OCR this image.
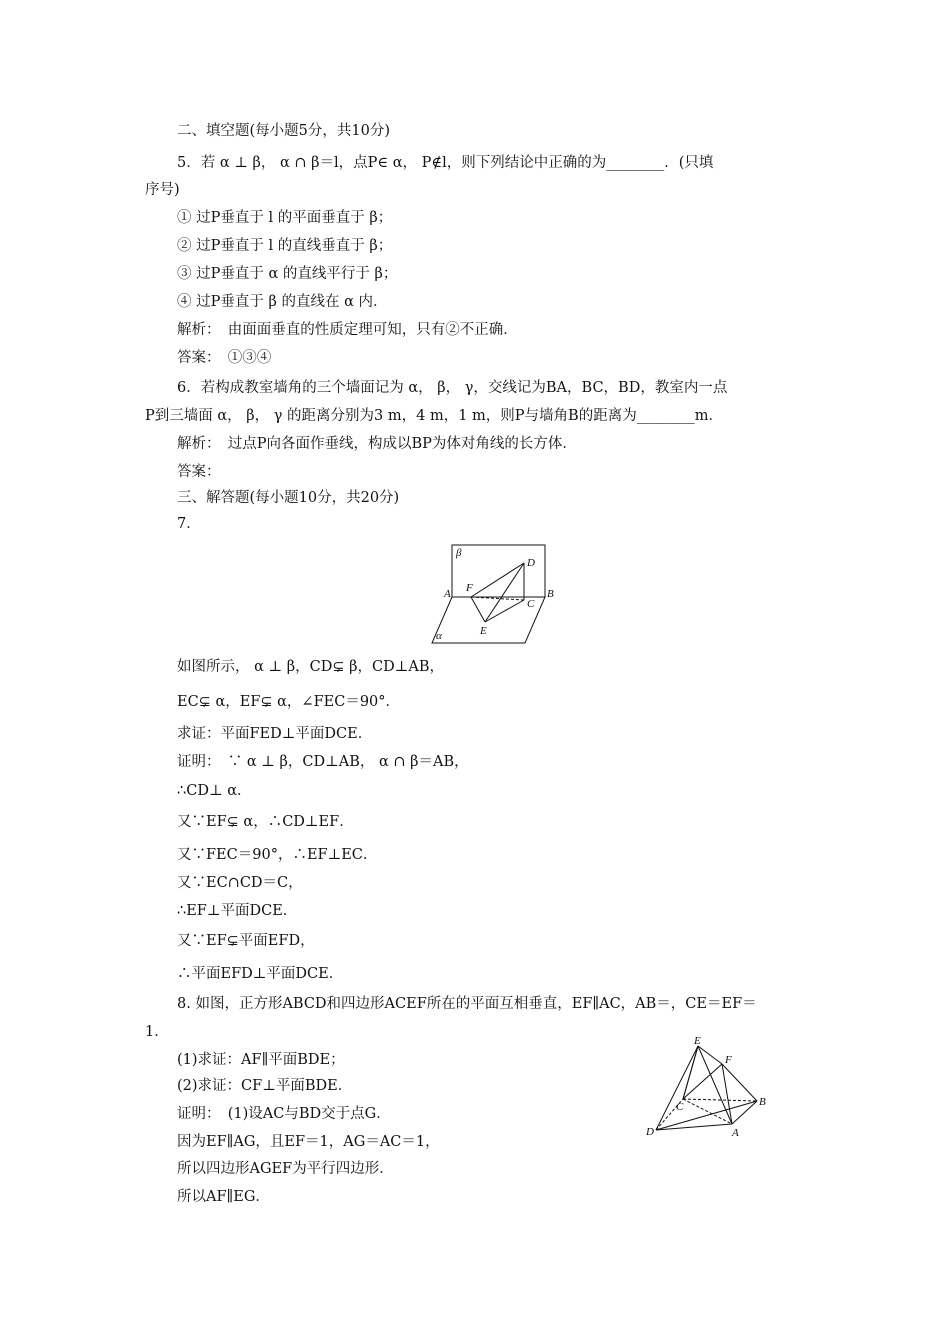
二、填空题(每小题5分，共10分)
5．若 α ⊥ β， α ∩ β＝l，点P∈ α， P∉l，则下列结论中正确的为________．(只填
序号)
① 过P垂直于 l 的平面垂直于 β；
② 过P垂直于 l 的直线垂直于 β；
③ 过P垂直于 α 的直线平行于 β；
④ 过P垂直于 β 的直线在 α 内．
解析：　由面面垂直的性质定理可知，只有②不正确．
答案：　①③④
6．若构成教室墙角的三个墙面记为 α， β， γ，交线记为BA，BC，BD，教室内一点
P到三墙面 α， β， γ 的距离分别为3 m，4 m，1 m，则P与墙角B的距离为________m．
解析：　过点P向各面作垂线，构成以BP为体对角线的长方体．
答案：
三、解答题(每小题10分，共20分)
7．
β
D
A F	B
C
E
α
如图所示， α ⊥ β，CD⊊ β，CD⊥AB，
EC⊊ α，EF⊊ α，∠FEC＝90°．
求证：平面FED⊥平面DCE．
证明：　∵ α ⊥ β，CD⊥AB， α ∩ β＝AB，
∴CD⊥ α．
又∵EF⊊ α，∴CD⊥EF．
又∵FEC＝90°，∴EF⊥EC．
又∵EC∩CD＝C，
∴EF⊥平面DCE．
又∵EF⊊平面EFD，
∴平面EFD⊥平面DCE．
8. 如图，正方形ABCD和四边形ACEF所在的平面互相垂直，EF∥AC，AB＝，CE＝EF＝
1．
(1)求证：AF∥平面BDE；
(2)求证：CF⊥平面BDE．
证明：　(1)设AC与BD交于点G．
因为EF∥AG，且EF＝1，AG＝AC＝1，
所以四边形AGEF为平行四边形．
所以AF∥EG．
E
F
C	B
D	A
